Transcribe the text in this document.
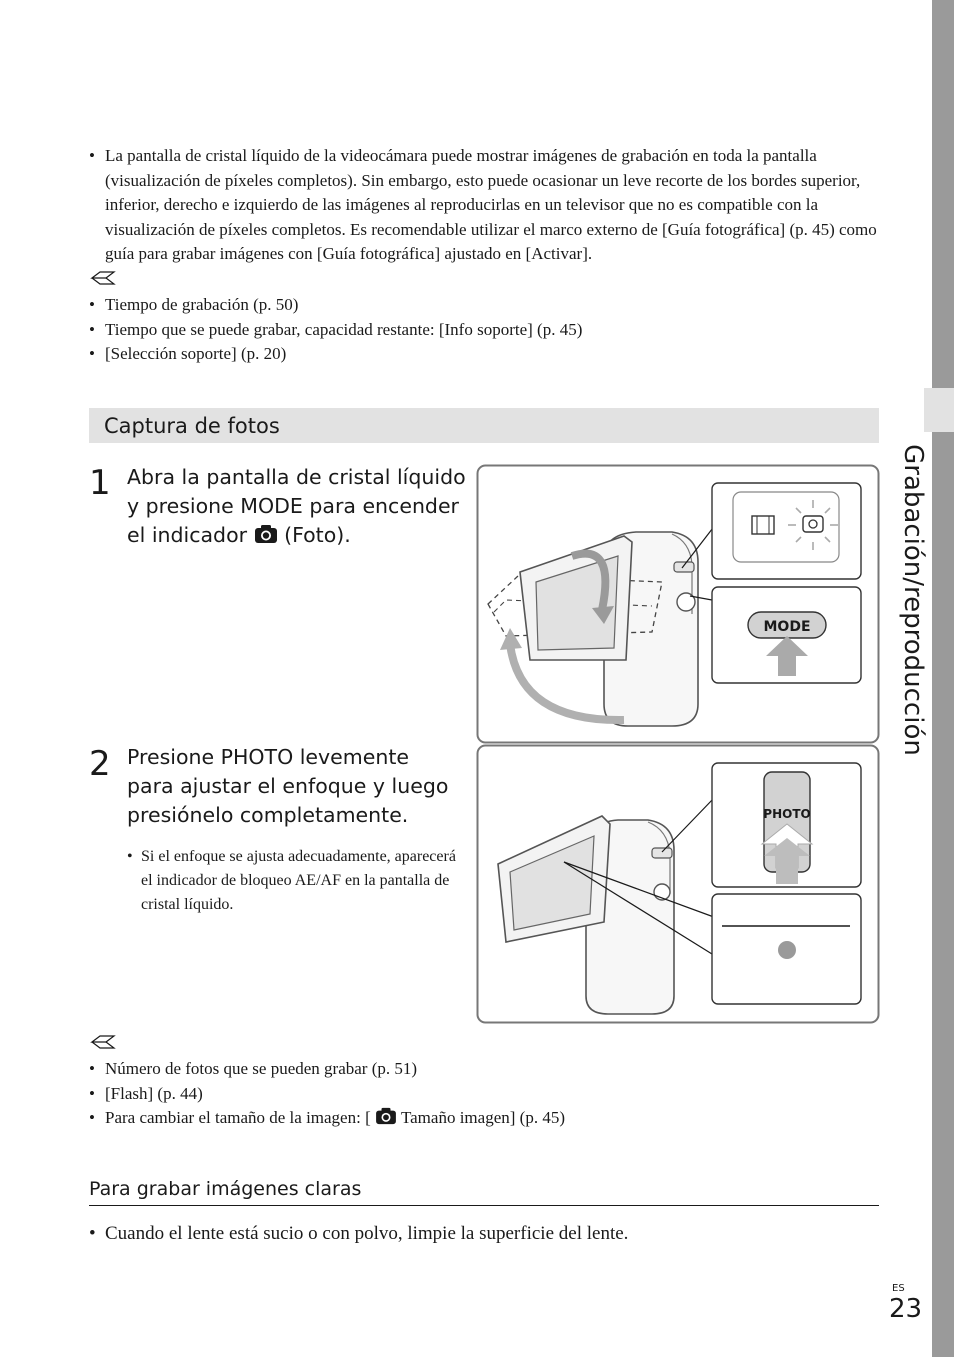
Grabación/reproducción
• La pantalla de cristal líquido de la videocámara puede mostrar imágenes de grabación en toda la pantalla (visualización de píxeles completos). Sin embargo, esto puede ocasionar un leve recorte de los bordes superior, inferior, derecho e izquierdo de las imágenes al reproducirlas en un televisor que no es compatible con la visualización de píxeles completos. Es recomendable utilizar el marco externo de [Guía fotográfica] (p. 45) como guía para grabar imágenes con [Guía fotográfica] ajustado en [Activar].
• Tiempo de grabación (p. 50)
• Tiempo que se puede grabar, capacidad restante: [Info soporte] (p. 45)
• [Selección soporte] (p. 20)
Captura de fotos
1 Abra la pantalla de cristal líquido
y presione MODE para encender
el indicador  (Foto).
MODE
2 Presione PHOTO levemente para ajustar el enfoque y luego presiónelo completamente.
• Si el enfoque se ajusta adecuadamente, aparecerá el indicador de bloqueo AE/AF en la pantalla de cristal líquido.
PHOTO
• Número de fotos que se pueden grabar (p. 51)
• [Flash] (p. 44)
• Para cambiar el tamaño de la imagen: [  Tamaño imagen] (p. 45)
Para grabar imágenes claras
• Cuando el lente está sucio o con polvo, limpie la superficie del lente.
ES
23
